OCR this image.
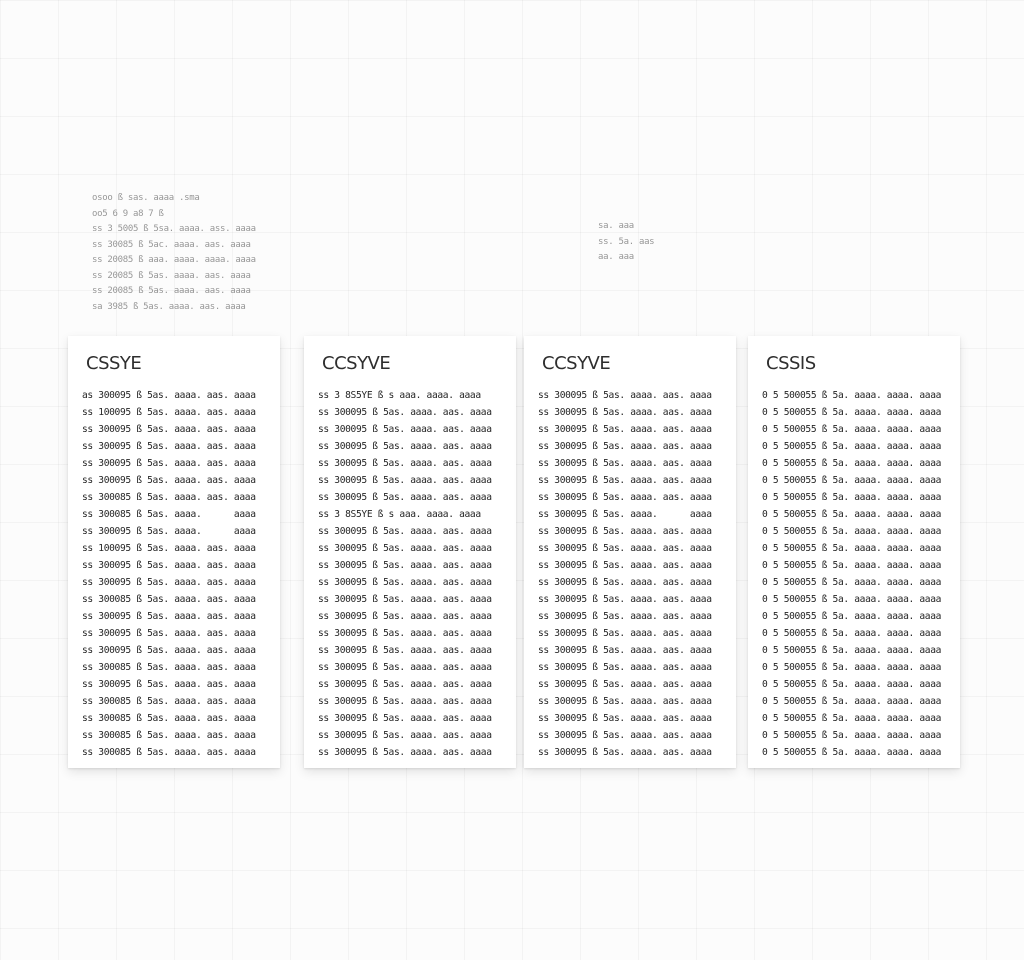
osoo ß sas. aaaa .sma
oo5 6 9 a8 7 ß
ss 3 5005 ß 5sa. aaaa. ass. aaaa
ss 30085 ß 5ac. aaaa. aas. aaaa
ss 20085 ß aaa. aaaa. aaaa. aaaa
ss 20085 ß 5as. aaaa. aas. aaaa
ss 20085 ß 5as. aaaa. aas. aaaa
sa 3985 ß 5as. aaaa. aas. aaaa
sa. aaa
ss. 5a. aas
aa. aaa
CSSYE
as 300095 ß 5as. aaaa. aas. aaaa
ss 100095 ß 5as. aaaa. aas. aaaa
ss 300095 ß 5as. aaaa. aas. aaaa
ss 300095 ß 5as. aaaa. aas. aaaa
ss 300095 ß 5as. aaaa. aas. aaaa
ss 300095 ß 5as. aaaa. aas. aaaa
ss 300085 ß 5as. aaaa. aas. aaaa
ss 300085 ß 5as. aaaa.      aaaa
ss 300095 ß 5as. aaaa.      aaaa
ss 100095 ß 5as. aaaa. aas. aaaa
ss 300095 ß 5as. aaaa. aas. aaaa
ss 300095 ß 5as. aaaa. aas. aaaa
ss 300085 ß 5as. aaaa. aas. aaaa
ss 300095 ß 5as. aaaa. aas. aaaa
ss 300095 ß 5as. aaaa. aas. aaaa
ss 300095 ß 5as. aaaa. aas. aaaa
ss 300085 ß 5as. aaaa. aas. aaaa
ss 300095 ß 5as. aaaa. aas. aaaa
ss 300085 ß 5as. aaaa. aas. aaaa
ss 300085 ß 5as. aaaa. aas. aaaa
ss 300085 ß 5as. aaaa. aas. aaaa
ss 300085 ß 5as. aaaa. aas. aaaa
CCSYVE
ss 3 8S5YE ß s aaa. aaaa. aaaa
ss 300095 ß 5as. aaaa. aas. aaaa
ss 300095 ß 5as. aaaa. aas. aaaa
ss 300095 ß 5as. aaaa. aas. aaaa
ss 300095 ß 5as. aaaa. aas. aaaa
ss 300095 ß 5as. aaaa. aas. aaaa
ss 300095 ß 5as. aaaa. aas. aaaa
ss 3 8S5YE ß s aaa. aaaa. aaaa
ss 300095 ß 5as. aaaa. aas. aaaa
ss 300095 ß 5as. aaaa. aas. aaaa
ss 300095 ß 5as. aaaa. aas. aaaa
ss 300095 ß 5as. aaaa. aas. aaaa
ss 300095 ß 5as. aaaa. aas. aaaa
ss 300095 ß 5as. aaaa. aas. aaaa
ss 300095 ß 5as. aaaa. aas. aaaa
ss 300095 ß 5as. aaaa. aas. aaaa
ss 300095 ß 5as. aaaa. aas. aaaa
ss 300095 ß 5as. aaaa. aas. aaaa
ss 300095 ß 5as. aaaa. aas. aaaa
ss 300095 ß 5as. aaaa. aas. aaaa
ss 300095 ß 5as. aaaa. aas. aaaa
ss 300095 ß 5as. aaaa. aas. aaaa
CCSYVE
ss 300095 ß 5as. aaaa. aas. aaaa
ss 300095 ß 5as. aaaa. aas. aaaa
ss 300095 ß 5as. aaaa. aas. aaaa
ss 300095 ß 5as. aaaa. aas. aaaa
ss 300095 ß 5as. aaaa. aas. aaaa
ss 300095 ß 5as. aaaa. aas. aaaa
ss 300095 ß 5as. aaaa. aas. aaaa
ss 300095 ß 5as. aaaa.      aaaa
ss 300095 ß 5as. aaaa. aas. aaaa
ss 300095 ß 5as. aaaa. aas. aaaa
ss 300095 ß 5as. aaaa. aas. aaaa
ss 300095 ß 5as. aaaa. aas. aaaa
ss 300095 ß 5as. aaaa. aas. aaaa
ss 300095 ß 5as. aaaa. aas. aaaa
ss 300095 ß 5as. aaaa. aas. aaaa
ss 300095 ß 5as. aaaa. aas. aaaa
ss 300095 ß 5as. aaaa. aas. aaaa
ss 300095 ß 5as. aaaa. aas. aaaa
ss 300095 ß 5as. aaaa. aas. aaaa
ss 300095 ß 5as. aaaa. aas. aaaa
ss 300095 ß 5as. aaaa. aas. aaaa
ss 300095 ß 5as. aaaa. aas. aaaa
CSSIS
0 5 500055 ß 5a. aaaa. aaaa. aaaa
0 5 500055 ß 5a. aaaa. aaaa. aaaa
0 5 500055 ß 5a. aaaa. aaaa. aaaa
0 5 500055 ß 5a. aaaa. aaaa. aaaa
0 5 500055 ß 5a. aaaa. aaaa. aaaa
0 5 500055 ß 5a. aaaa. aaaa. aaaa
0 5 500055 ß 5a. aaaa. aaaa. aaaa
0 5 500055 ß 5a. aaaa. aaaa. aaaa
0 5 500055 ß 5a. aaaa. aaaa. aaaa
0 5 500055 ß 5a. aaaa. aaaa. aaaa
0 5 500055 ß 5a. aaaa. aaaa. aaaa
0 5 500055 ß 5a. aaaa. aaaa. aaaa
0 5 500055 ß 5a. aaaa. aaaa. aaaa
0 5 500055 ß 5a. aaaa. aaaa. aaaa
0 5 500055 ß 5a. aaaa. aaaa. aaaa
0 5 500055 ß 5a. aaaa. aaaa. aaaa
0 5 500055 ß 5a. aaaa. aaaa. aaaa
0 5 500055 ß 5a. aaaa. aaaa. aaaa
0 5 500055 ß 5a. aaaa. aaaa. aaaa
0 5 500055 ß 5a. aaaa. aaaa. aaaa
0 5 500055 ß 5a. aaaa. aaaa. aaaa
0 5 500055 ß 5a. aaaa. aaaa. aaaa
